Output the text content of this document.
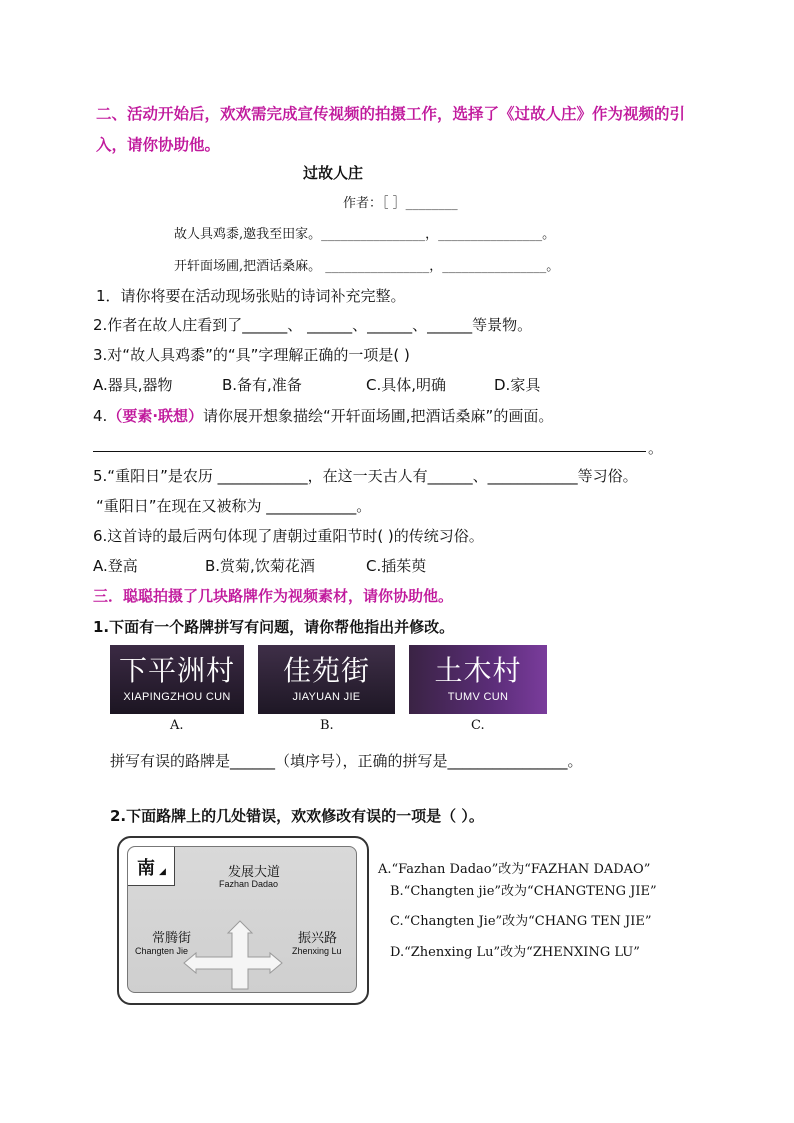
二、活动开始后，欢欢需完成宣传视频的拍摄工作，选择了《过故人庄》作为视频的引
入，请你协助他。
过故人庄
作者：［ ］________
故人具鸡黍,邀我至田家。________________，________________。
开轩面场圃,把酒话桑麻。 ________________，________________。
1．请你将要在活动现场张贴的诗词补充完整。
2.作者在故人庄看到了______、 ______、______、______等景物。
3.对“故人具鸡黍”的“具”字理解正确的一项是( )
A.器具,器物	B.备有,准备	C.具体,明确	D.家具
4.（要素·联想）请你展开想象描绘“开轩面场圃,把酒话桑麻”的画面。
。
5.“重阳日”是农历 ____________，在这一天古人有______、____________等习俗。
“重阳日”在现在又被称为 ____________。
6.这首诗的最后两句体现了唐朝过重阳节时( )的传统习俗。
A.登高	B.赏菊,饮菊花酒	C.插茱萸
三．聪聪拍摄了几块路牌作为视频素材，请你协助他。
1.下面有一个路牌拼写有问题，请你帮他指出并修改。
下平洲村
XIAPINGZHOU CUN
佳苑街
JIAYUAN JIE
土木村
TUMV CUN
A.	B.	C.
拼写有误的路牌是______（填序号），正确的拼写是________________。
2.下面路牌上的几处错误，欢欢修改有误的一项是（ ）。
南 ◢	发展大道
Fazhan Dadao
常腾街
Changten Jie
振兴路
Zhenxing Lu
A.“Fazhan Dadao”改为“FAZHAN DADAO”
B.“Changten jie”改为“CHANGTENG JIE”
C.“Changten Jie”改为“CHANG TEN JIE”
D.“Zhenxing Lu”改为“ZHENXING LU”
